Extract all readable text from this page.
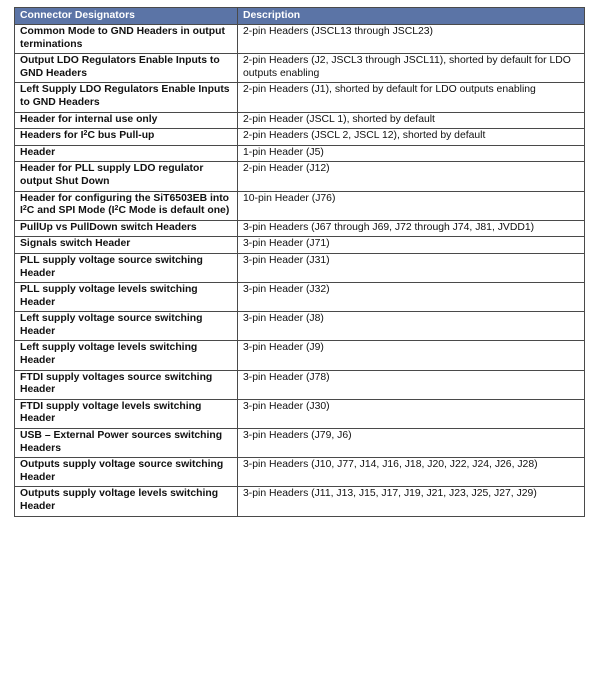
Connector Designators	Description
Common Mode to GND Headers in output terminations	2-pin Headers (JSCL13 through JSCL23)
Output LDO Regulators Enable Inputs to GND Headers	2-pin Headers (J2, JSCL3 through JSCL11), shorted by default for LDO outputs enabling
Left Supply LDO Regulators Enable Inputs to GND Headers	2-pin Headers (J1), shorted by default for LDO outputs enabling
Header for internal use only	2-pin Header (JSCL 1), shorted by default
Headers for $I^2C$ bus Pull-up	2-pin Headers (JSCL 2, JSCL 12), shorted by default
Header	1-pin Header (J5)
Header for PLL supply LDO regulator output Shut Down	2-pin Header (J12)
Header for configuring the SiT6503EB into $I^2C$ and SPI Mode ($I^2C$ Mode is default one)	10-pin Header (J76)
PullUp vs PullDown switch Headers	3-pin Headers (J67 through J69, J72 through J74, J81, JVDD1)
Signals switch Header	3-pin Header (J71)
PLL supply voltage source switching Header	3-pin Header (J31)
PLL supply voltage levels switching Header	3-pin Header (J32)
Left supply voltage source switching Header	3-pin Header (J8)
Left supply voltage levels switching Header	3-pin Header (J9)
FTDI supply voltages source switching Header	3-pin Header (J78)
FTDI supply voltage levels switching Header	3-pin Header (J30)
USB – External Power sources switching Headers	3-pin Headers (J79, J6)
Outputs supply voltage source switching Header	3-pin Headers (J10, J77, J14, J16, J18, J20, J22, J24, J26, J28)
Outputs supply voltage levels switching Header	3-pin Headers (J11, J13, J15, J17, J19, J21, J23, J25, J27, J29)
